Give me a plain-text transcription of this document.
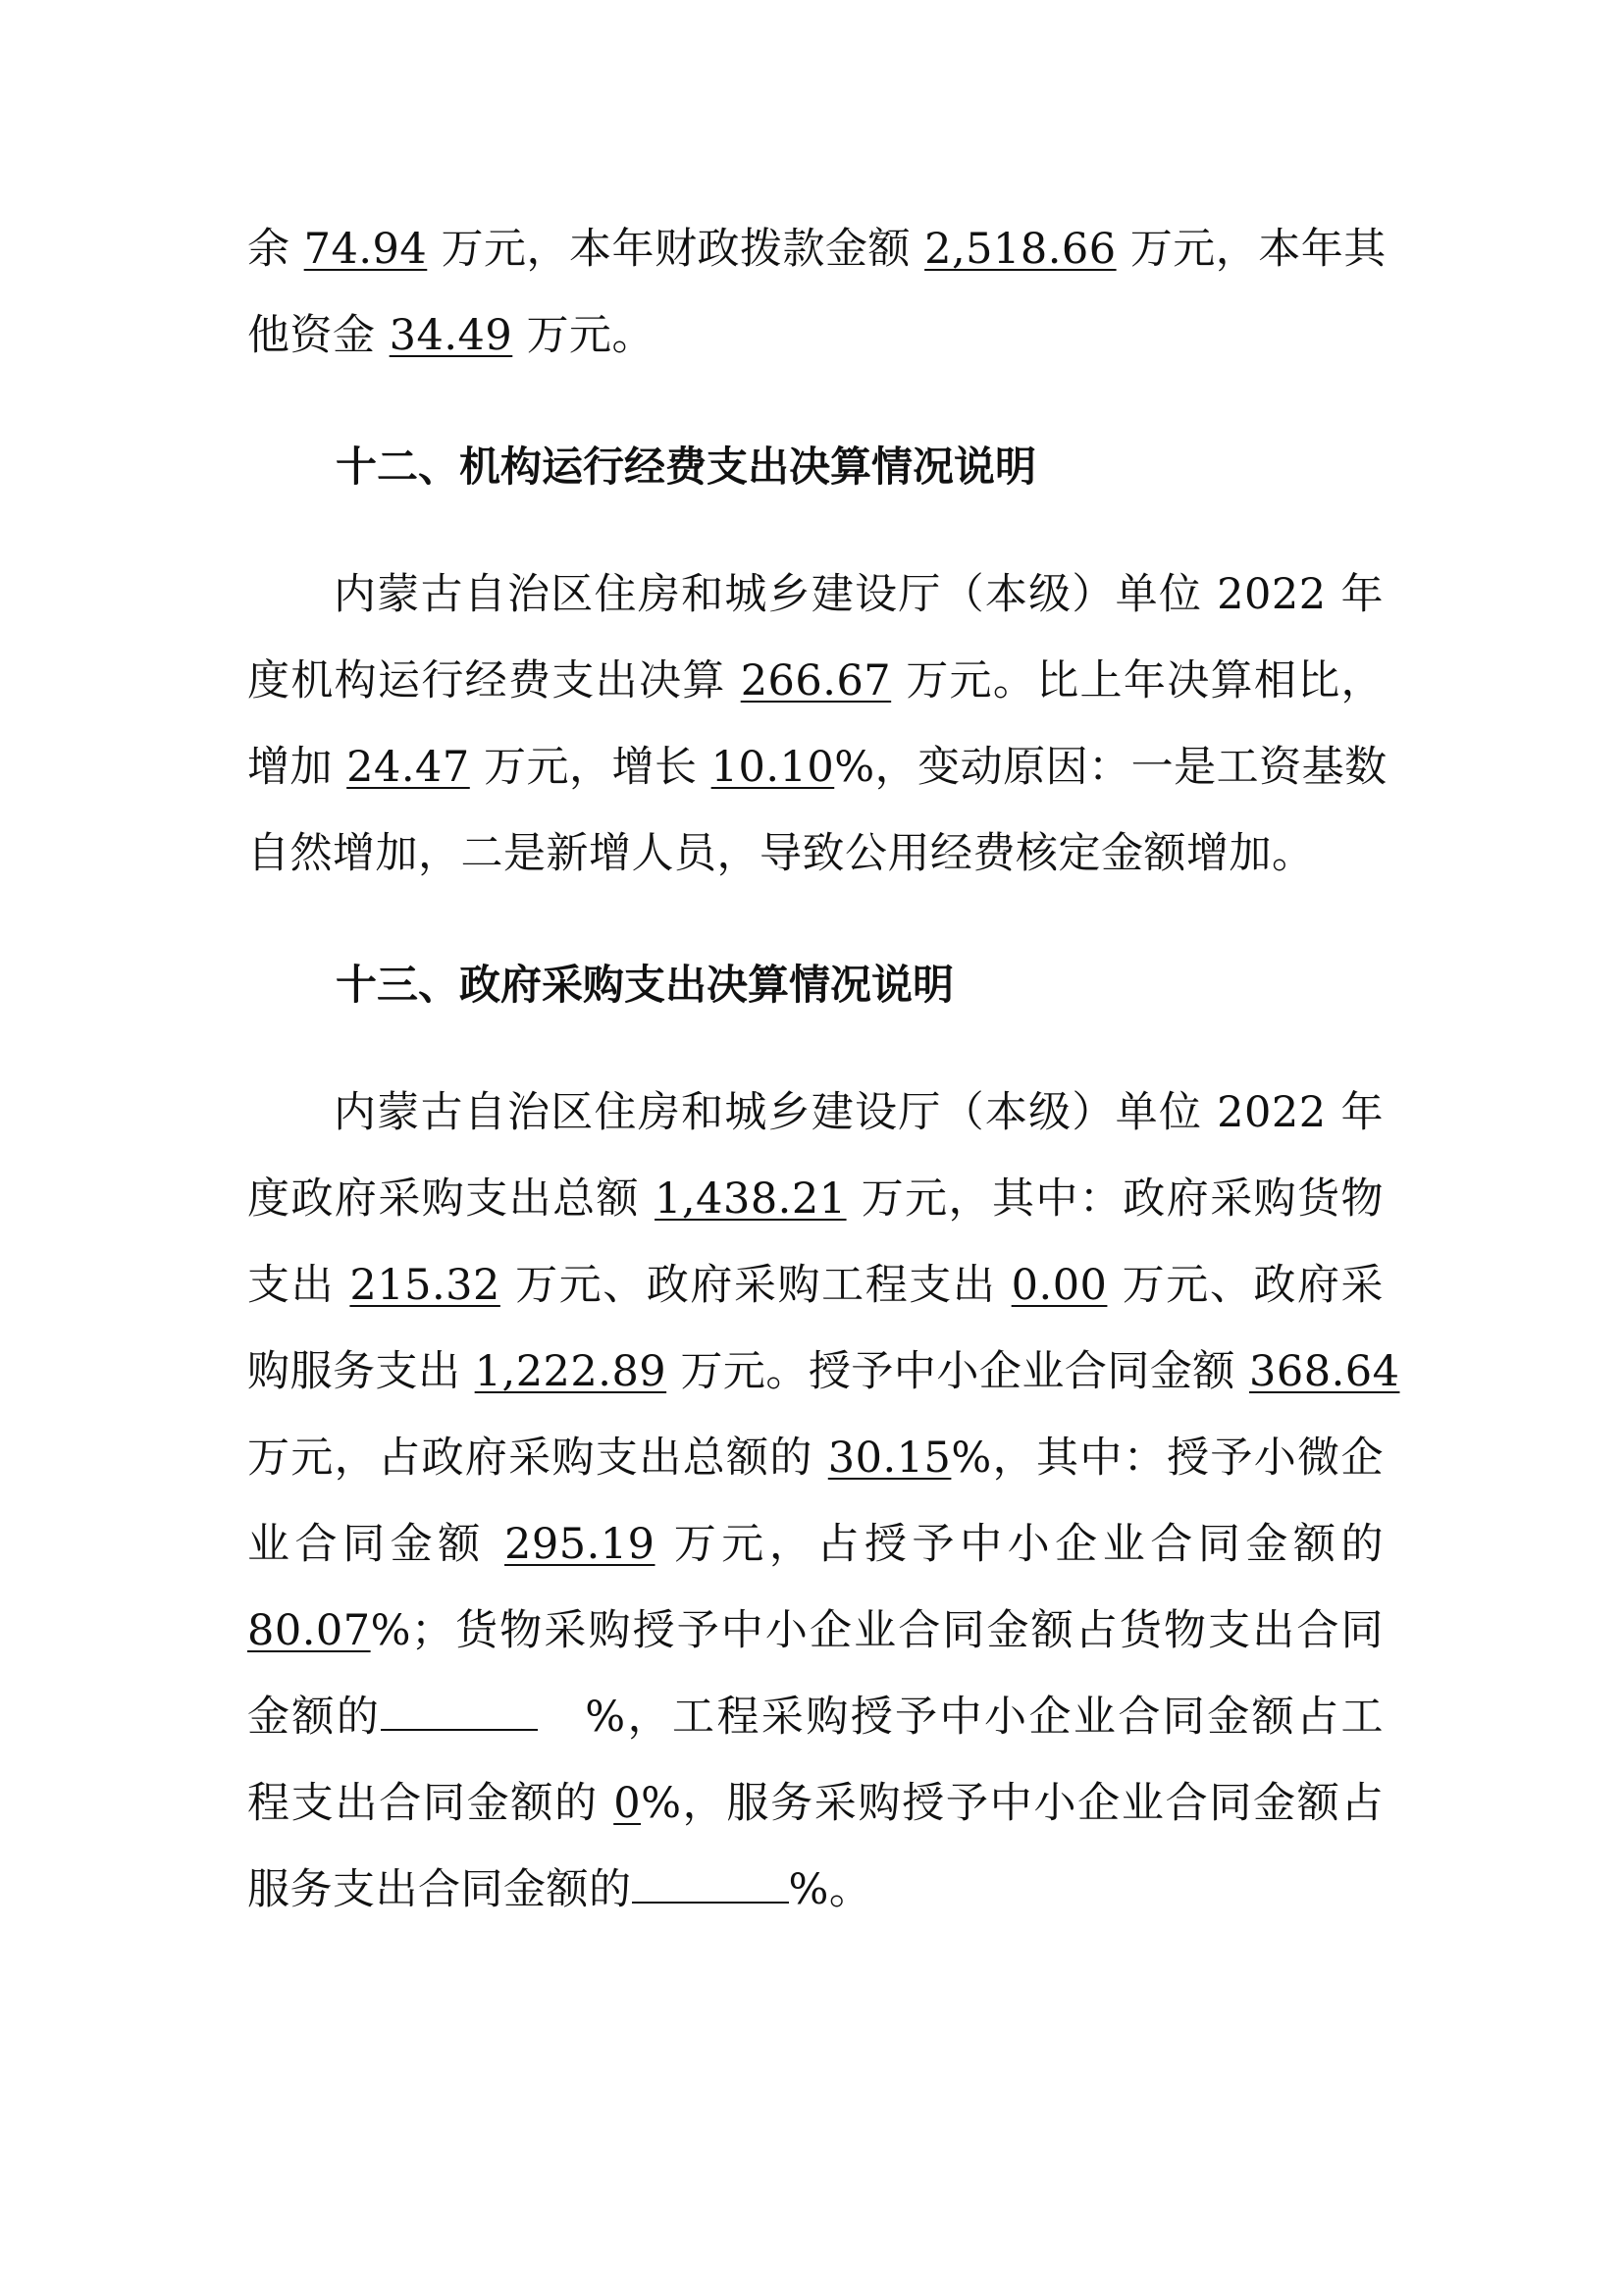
余 74.94 万元，本年财政拨款金额 2,518.66 万元，本年其
他资金 34.49 万元。
十二、机构运行经费支出决算情况说明
内蒙古自治区住房和城乡建设厅（本级）单位 2022 年
度机构运行经费支出决算 266.67 万元。比上年决算相比，
增加 24.47 万元，增长 10.10%，变动原因：一是工资基数
自然增加，二是新增人员，导致公用经费核定金额增加。
十三、政府采购支出决算情况说明
内蒙古自治区住房和城乡建设厅（本级）单位 2022 年
度政府采购支出总额 1,438.21 万元，其中：政府采购货物
支出 215.32 万元、政府采购工程支出 0.00 万元、政府采
购服务支出 1,222.89 万元。授予中小企业合同金额 368.64
万元，占政府采购支出总额的 30.15%，其中：授予小微企
业合同金额 295.19 万元，占授予中小企业合同金额的
80.07%；货物采购授予中小企业合同金额占货物支出合同
金额的	%，工程采购授予中小企业合同金额占工
程支出合同金额的 0%，服务采购授予中小企业合同金额占
服务支出合同金额的	%。
